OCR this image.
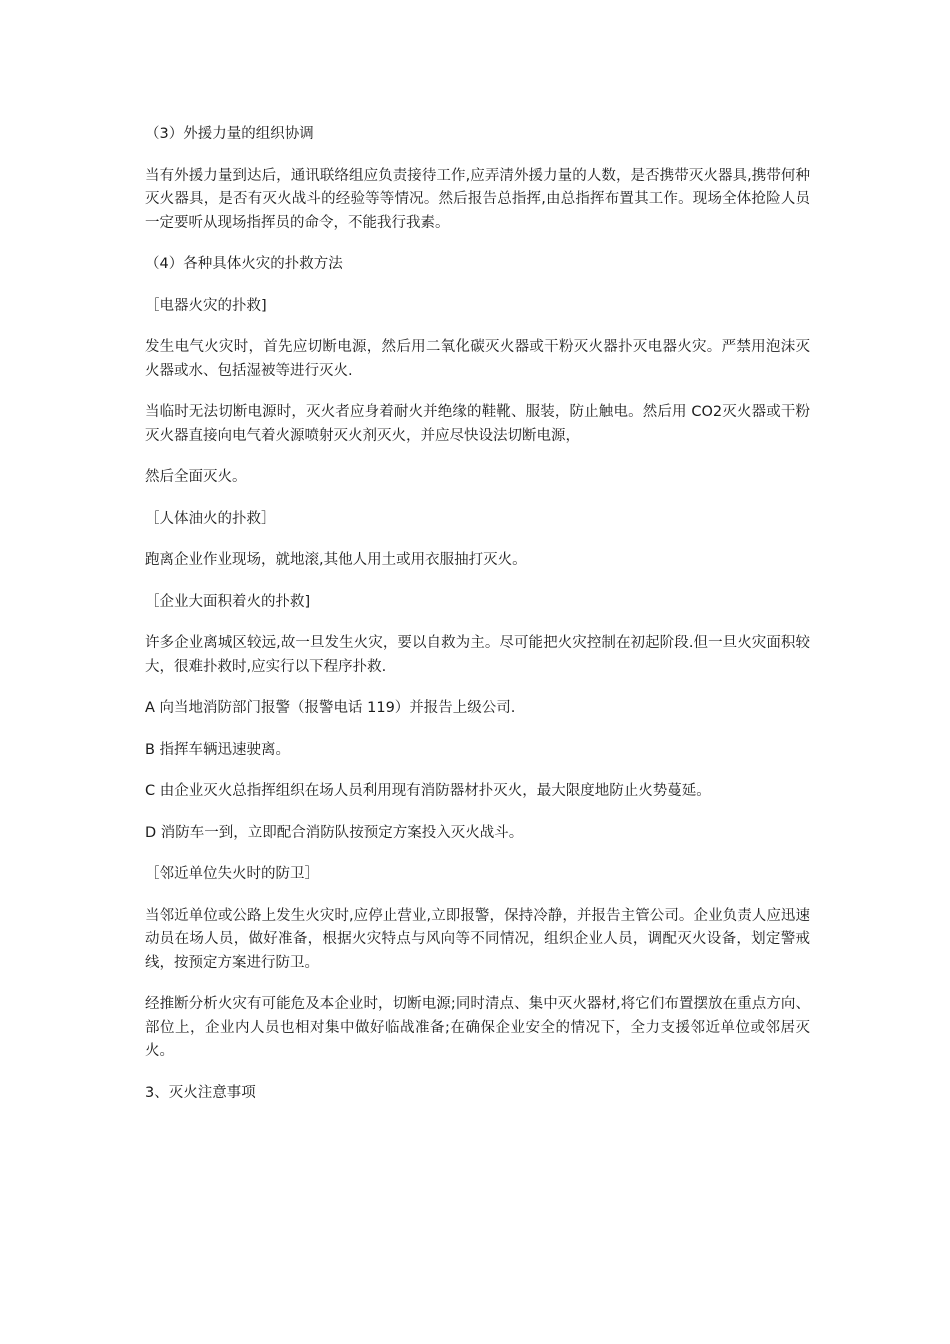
（3）外援力量的组织协调

当有外援力量到达后，通讯联络组应负责接待工作,应弄清外援力量的人数，是否携带灭火器具,携带何种灭火器具，是否有灭火战斗的经验等等情况。然后报告总指挥,由总指挥布置其工作。现场全体抢险人员一定要听从现场指挥员的命令，不能我行我素。

（4）各种具体火灾的扑救方法

［电器火灾的扑救]

发生电气火灾时，首先应切断电源，然后用二氧化碳灭火器或干粉灭火器扑灭电器火灾。严禁用泡沫灭火器或水、包括湿被等进行灭火.

当临时无法切断电源时，灭火者应身着耐火并绝缘的鞋靴、服装，防止触电。然后用 CO2灭火器或干粉灭火器直接向电气着火源喷射灭火剂灭火，并应尽快设法切断电源，

然后全面灭火。

［人体油火的扑救］

跑离企业作业现场，就地滚,其他人用土或用衣服抽打灭火。

［企业大面积着火的扑救]

许多企业离城区较远,故一旦发生火灾，要以自救为主。尽可能把火灾控制在初起阶段.但一旦火灾面积较大，很难扑救时,应实行以下程序扑救.

A 向当地消防部门报警（报警电话 119）并报告上级公司.

B 指挥车辆迅速驶离。

C 由企业灭火总指挥组织在场人员利用现有消防器材扑灭火，最大限度地防止火势蔓延。

D 消防车一到，立即配合消防队按预定方案投入灭火战斗。

［邻近单位失火时的防卫］

当邻近单位或公路上发生火灾时,应停止营业,立即报警，保持冷静，并报告主管公司。企业负责人应迅速动员在场人员，做好准备，根据火灾特点与风向等不同情况，组织企业人员，调配灭火设备，划定警戒线，按预定方案进行防卫。

经推断分析火灾有可能危及本企业时，切断电源;同时清点、集中灭火器材,将它们布置摆放在重点方向、部位上，企业内人员也相对集中做好临战准备;在确保企业安全的情况下，全力支援邻近单位或邻居灭火。

3、灭火注意事项
